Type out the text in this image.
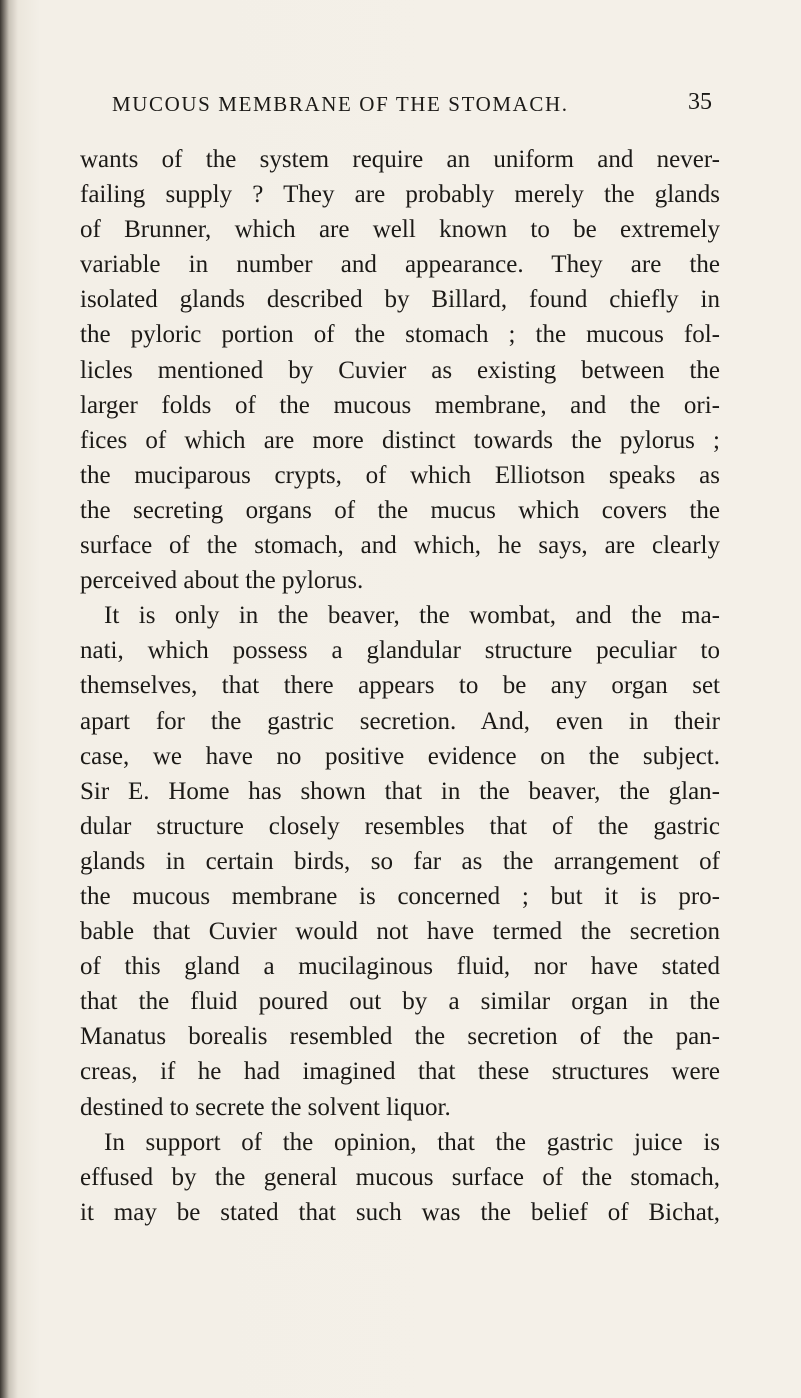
MUCOUS MEMBRANE OF THE STOMACH.	35
wants of the system require an uniform and never-
failing supply ? They are probably merely the glands
of Brunner, which are well known to be extremely
variable in number and appearance. They are the
isolated glands described by Billard, found chiefly in
the pyloric portion of the stomach ; the mucous fol-
licles mentioned by Cuvier as existing between the
larger folds of the mucous membrane, and the ori-
fices of which are more distinct towards the pylorus ;
the muciparous crypts, of which Elliotson speaks as
the secreting organs of the mucus which covers the
surface of the stomach, and which, he says, are clearly
perceived about the pylorus.
It is only in the beaver, the wombat, and the ma-
nati, which possess a glandular structure peculiar to
themselves, that there appears to be any organ set
apart for the gastric secretion. And, even in their
case, we have no positive evidence on the subject.
Sir E. Home has shown that in the beaver, the glan-
dular structure closely resembles that of the gastric
glands in certain birds, so far as the arrangement of
the mucous membrane is concerned ; but it is pro-
bable that Cuvier would not have termed the secretion
of this gland a mucilaginous fluid, nor have stated
that the fluid poured out by a similar organ in the
Manatus borealis resembled the secretion of the pan-
creas, if he had imagined that these structures were
destined to secrete the solvent liquor.
In support of the opinion, that the gastric juice is
effused by the general mucous surface of the stomach,
it may be stated that such was the belief of Bichat,
